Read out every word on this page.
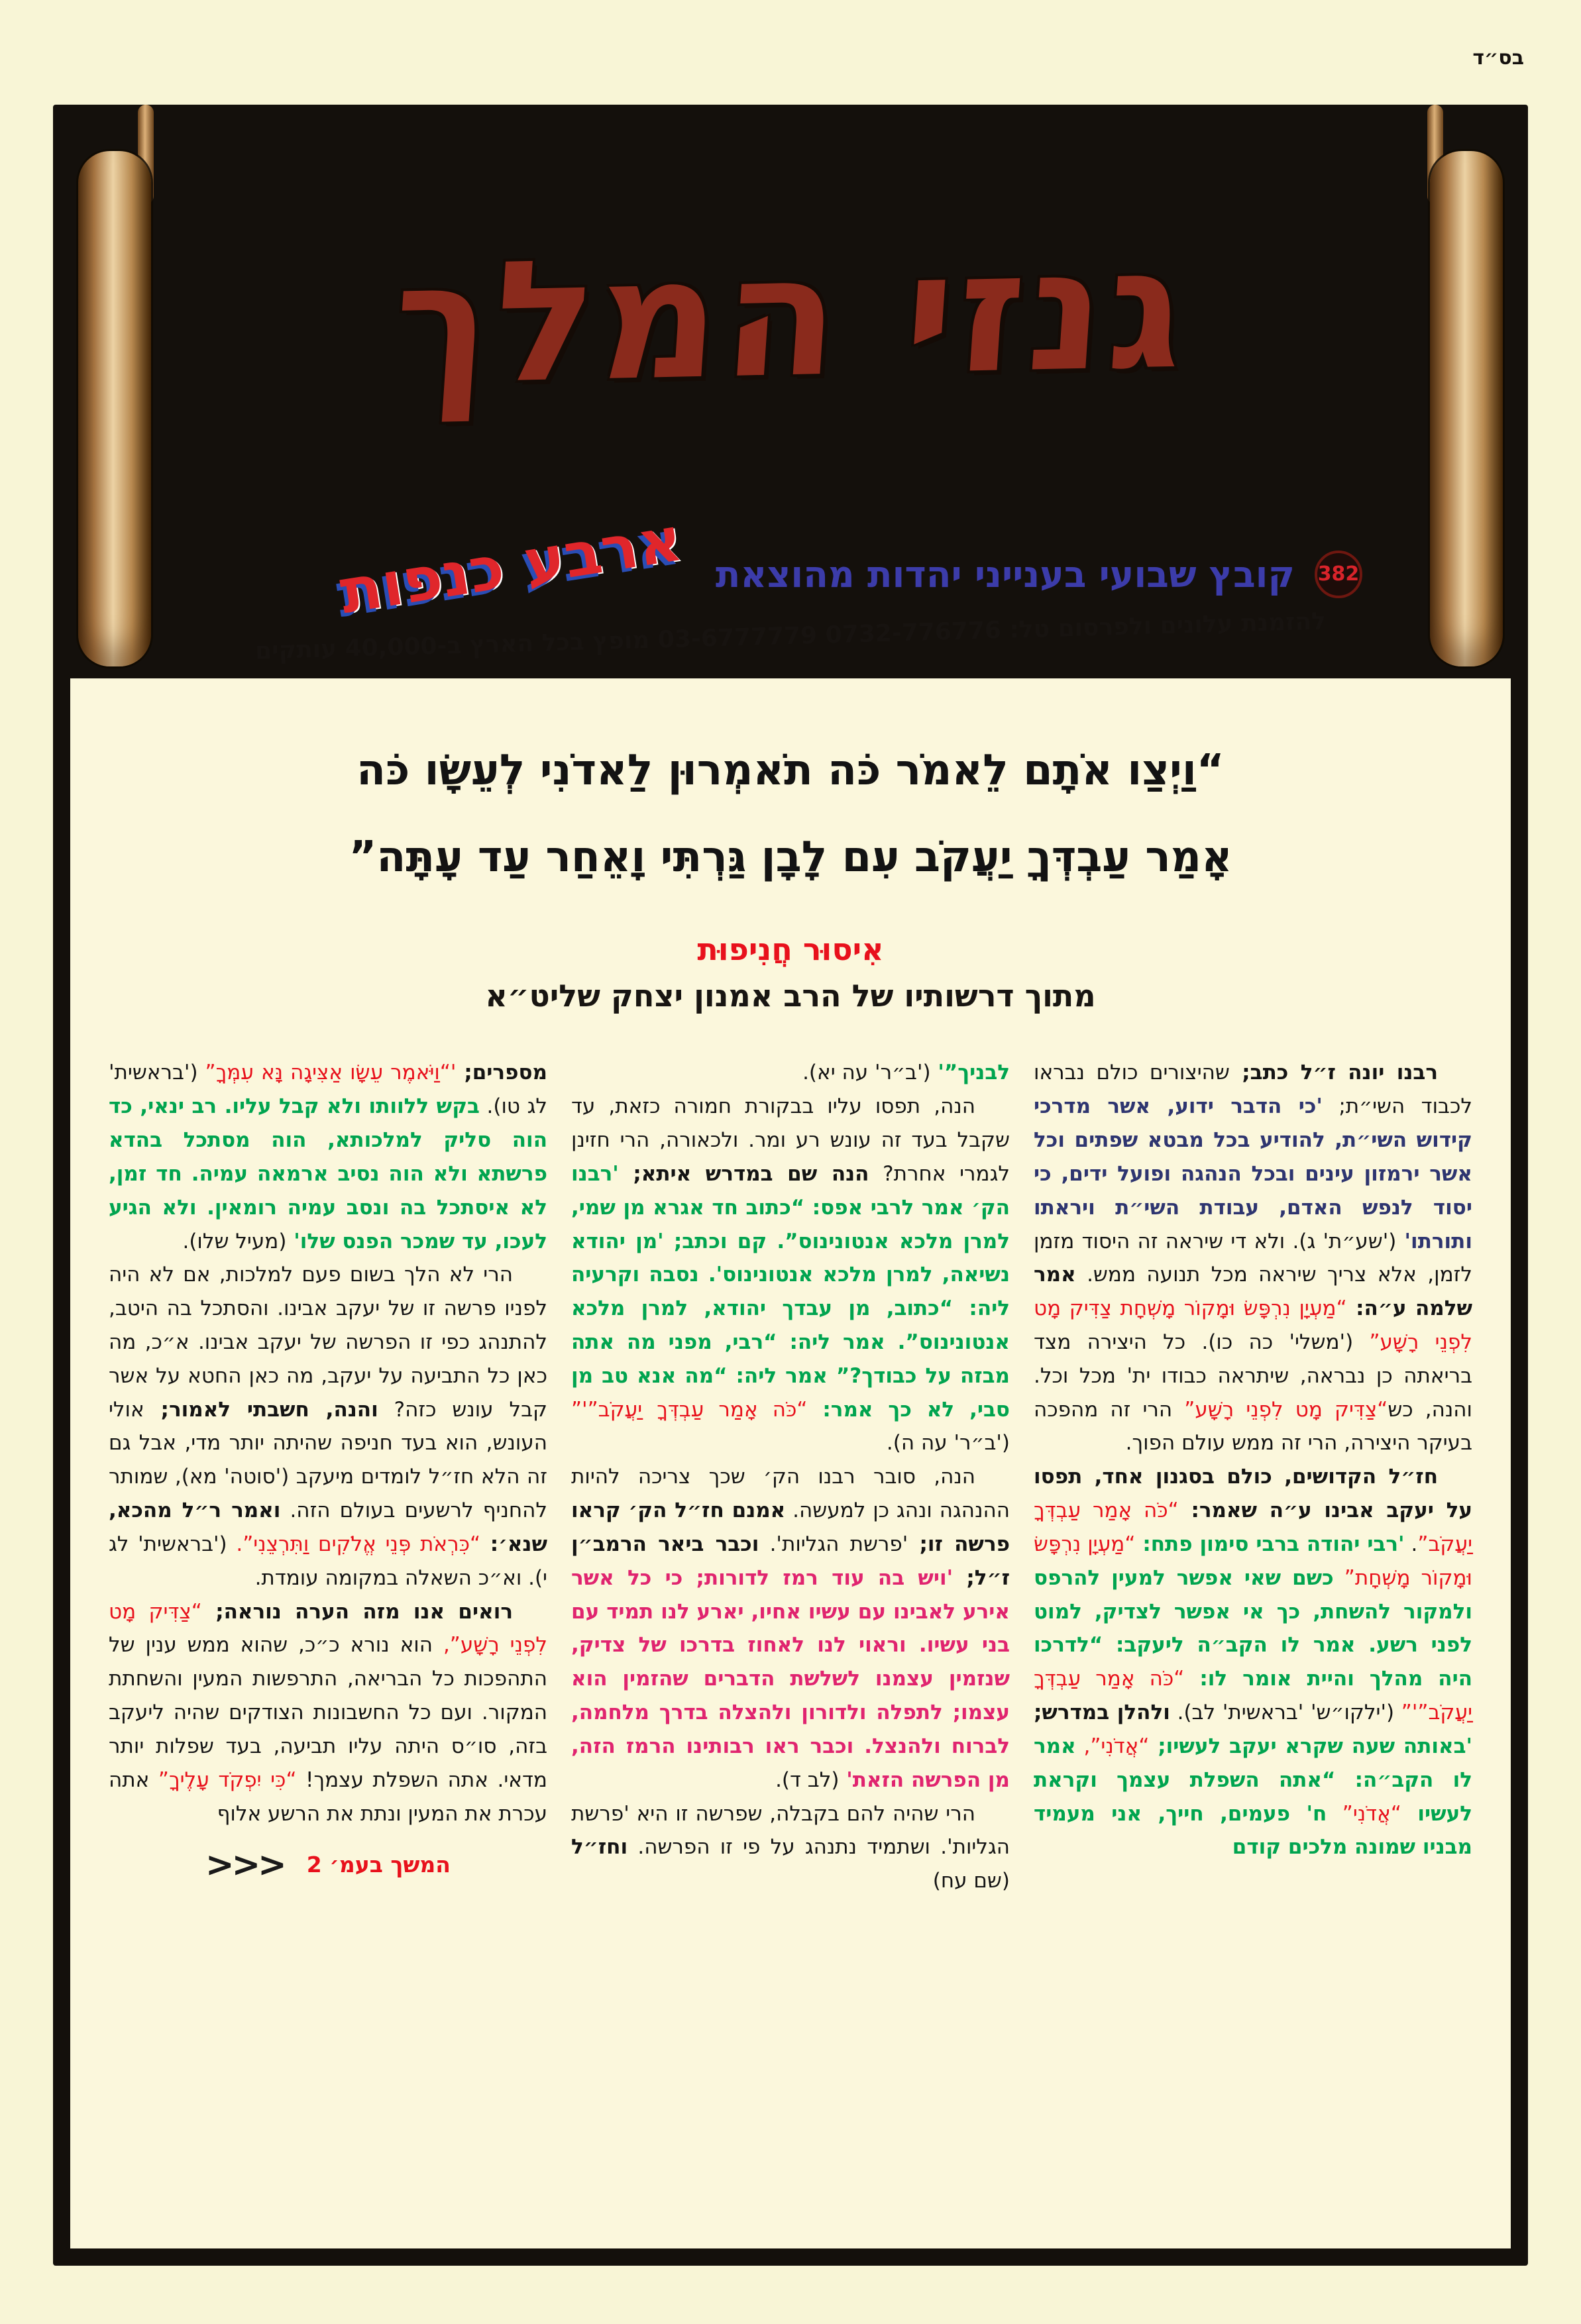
בס״ד
גנזי המלך
382
קובץ שבועי בענייני יהדות מהוצאת
ארבע כנפות
להזמנת עלונים ולפרסום טל: 0732-776776‏ 03-6777779‏ מופץ בכל הארץ ב-40,000 עותקים
“וַיְצַו אֹתָם לֵאמֹר כֹּה תֹאמְרוּן לַאדֹנִי לְעֵשָׂו כֹּה
אָמַר עַבְדְּךָ יַעֲקֹב עִם לָבָן גַּרְתִּי וָאֵחַר עַד עָתָּה”
אִיסוּר חֲנִיפוּת
מתוך דרשותיו של הרב אמנון יצחק שליט״א

רבנו יונה ז״ל כתב; שהיצורים כולם נבראו לכבוד השי״ת; 'כי הדבר ידוע, אשר מדרכי קידוש השי״ת, להודיע בכל מבטא שפתים וכל אשר ירמזון עינים ובכל הנהגה ופועל ידים, כי יסוד לנפש האדם, עבודת השי״ת ויראתו ותורתו' ('שע״ת' ג). ולא די שיראה זה היסוד מזמן לזמן, אלא צריך שיראה מכל תנועה ממש. אמר שלמה ע״ה: “מַעְיָן נִרְפָּשׂ וּמָקוֹר מָשְׁחָת צַדִּיק מָט לִפְנֵי רָשָׁע” ('משלי' כה כו). כל היצירה מצד בריאתה כן נבראה, שיתראה כבודו ית' מכל וכל. והנה, כש“צַדִּיק מָט לִפְנֵי רָשָׁע” הרי זה מהפכה בעיקר היצירה, הרי זה ממש עולם הפוך.

חז״ל הקדושים, כולם בסגנון אחד, תפסו על יעקב אבינו ע״ה שאמר: “כֹּה אָמַר עַבְדְּךָ יַעֲקֹב”. 'רבי יהודה ברבי סימון פתח: “מַעְיָן נִרְפָּשׂ וּמָקוֹר מָשְׁחָת” כשם שאי אפשר למעין להרפס ולמקור להשחת, כך אי אפשר לצדיק, למוט לפני רשע. אמר לו הקב״ה ליעקב: “לדרכו היה מהלך והיית אומר לו: “כֹּה אָמַר עַבְדְּךָ יַעֲקֹב”'” ('ילקו״ש' 'בראשית' לב). ולהלן במדרש; 'באותה שעה שקרא יעקב לעשיו; “אֲדֹנִי”, אמר לו הקב״ה: “אתה השפלת עצמך וקראת לעשיו “אֲדֹנִי” ח' פעמים, חייך, אני מעמיד מבניו שמונה מלכים קודם

לבניך”' ('ב״ר' עה יא).

הנה, תפסו עליו בבקורת חמורה כזאת, עד שקבל בעד זה עונש רע ומר. ולכאורה, הרי חזינן לגמרי אחרת? הנה שם במדרש איתא; 'רבנו הק׳ אמר לרבי אפס: “כתוב חד אגרא מן שמי, למרן מלכא אנטונינוס”. קם וכתב; 'מן יהודא נשיאה, למרן מלכא אנטונינוס'. נסבה וקרעיה ליה: “כתוב, מן עבדך יהודא, למרן מלכא אנטונינוס”. אמר ליה: “רבי, מפני מה אתה מבזה על כבודך?” אמר ליה: “מה אנא טב מן סבי, לא כך אמר: “כֹּה אָמַר עַבְדְּךָ יַעֲקֹב”'” ('ב״ר' עה ה).

הנה, סובר רבנו הק׳ שכך צריכה להיות ההנהגה ונהג כן למעשה. אמנם חז״ל הק׳ קראו פרשה זו; 'פרשת הגליות'. וכבר ביאר הרמב״ן ז״ל; 'ויש בה עוד רמז לדורות; כי כל אשר אירע לאבינו עם עשיו אחיו, יארע לנו תמיד עם בני עשיו. וראוי לנו לאחוז בדרכו של צדיק, שנזמין עצמנו לשלשת הדברים שהזמין הוא עצמו; לתפלה ולדורון ולהצלה בדרך מלחמה, לברוח ולהנצל. וכבר ראו רבותינו הרמז הזה, מן הפרשה הזאת' (לב ד).

הרי שהיה להם בקבלה, שפרשה זו היא 'פרשת הגליות'. ושתמיד נתנהג על פי זו הפרשה. וחז״ל (שם עח)

מספרים; '“וַיֹּאמֶר עֵשָׂו אַצִּיגָה נָּא עִמְּךָ” ('בראשית' לג טו). בקש ללוותו ולא קבל עליו. רב ינאי, כד הוה סליק למלכותא, הוה מסתכל בהדא פרשתא ולא הוה נסיב ארמאה עמיה. חד זמן, לא איסתכל בה ונסב עמיה רומאין. ולא הגיע לעכו, עד שמכר הפנס שלו' (מעיל שלו).

הרי לא הלך בשום פעם למלכות, אם לא היה לפניו פרשה זו של יעקב אבינו. והסתכל בה היטב, להתנהג כפי זו הפרשה של יעקב אבינו. א״כ, מה כאן כל התביעה על יעקב, מה כאן החטא על אשר קבל עונש כזה? והנה, חשבתי לאמור; אולי העונש, הוא בעד חניפה שהיתה יותר מדי, אבל גם זה הלא חז״ל לומדים מיעקב ('סוטה' מא), שמותר להחניף לרשעים בעולם הזה. ואמר ר״ל מהכא, שנא׳: “כִּרְאֹת פְּנֵי אֱלֹקִים וַתִּרְצֵנִי”. ('בראשית' לג י). וא״כ השאלה במקומה עומדת.

רואים אנו מזה הערה נוראה; “צַדִּיק מָט לִפְנֵי רָשָׁע”, הוא נורא כ״כ, שהוא ממש ענין של התהפכות כל הבריאה, התרפשות המעין והשחתת המקור. ועם כל החשבונות הצודקים שהיה ליעקב בזה, סו״ס היתה עליו תביעה, בעד שפלות יותר מדאי. אתה השפלת עצמך! “כִּי יִפְקֹד עָלֶיךָ” אתה עכרת את המעין ונתת את הרשע אלוף

המשך בעמ׳ 2<<<
